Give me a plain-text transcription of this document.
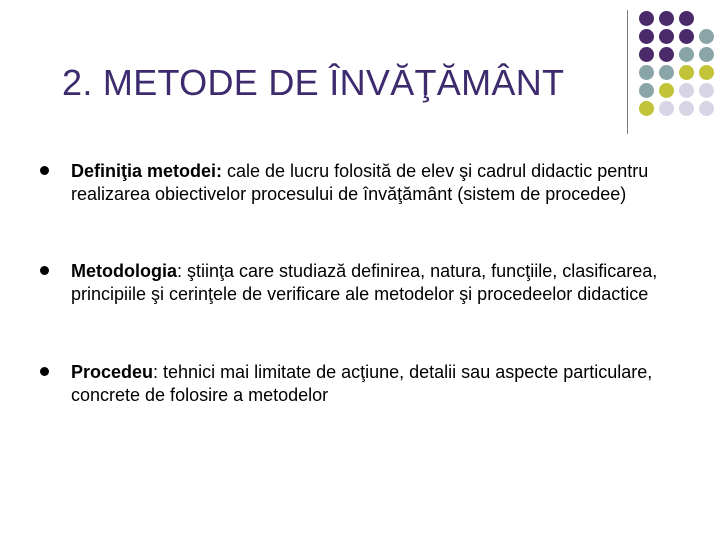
2. METODE DE ÎNVĂŢĂMÂNT
Definiţia metodei: cale de lucru folosită de elev şi cadrul didactic pentru realizarea obiectivelor procesului de învăţământ (sistem de procedee)
Metodologia: ştiinţa care studiază definirea, natura, funcţiile, clasificarea, principiile şi cerinţele de verificare ale metodelor şi procedeelor didactice
Procedeu: tehnici mai limitate de acţiune, detalii sau aspecte particulare, concrete de folosire a metodelor
